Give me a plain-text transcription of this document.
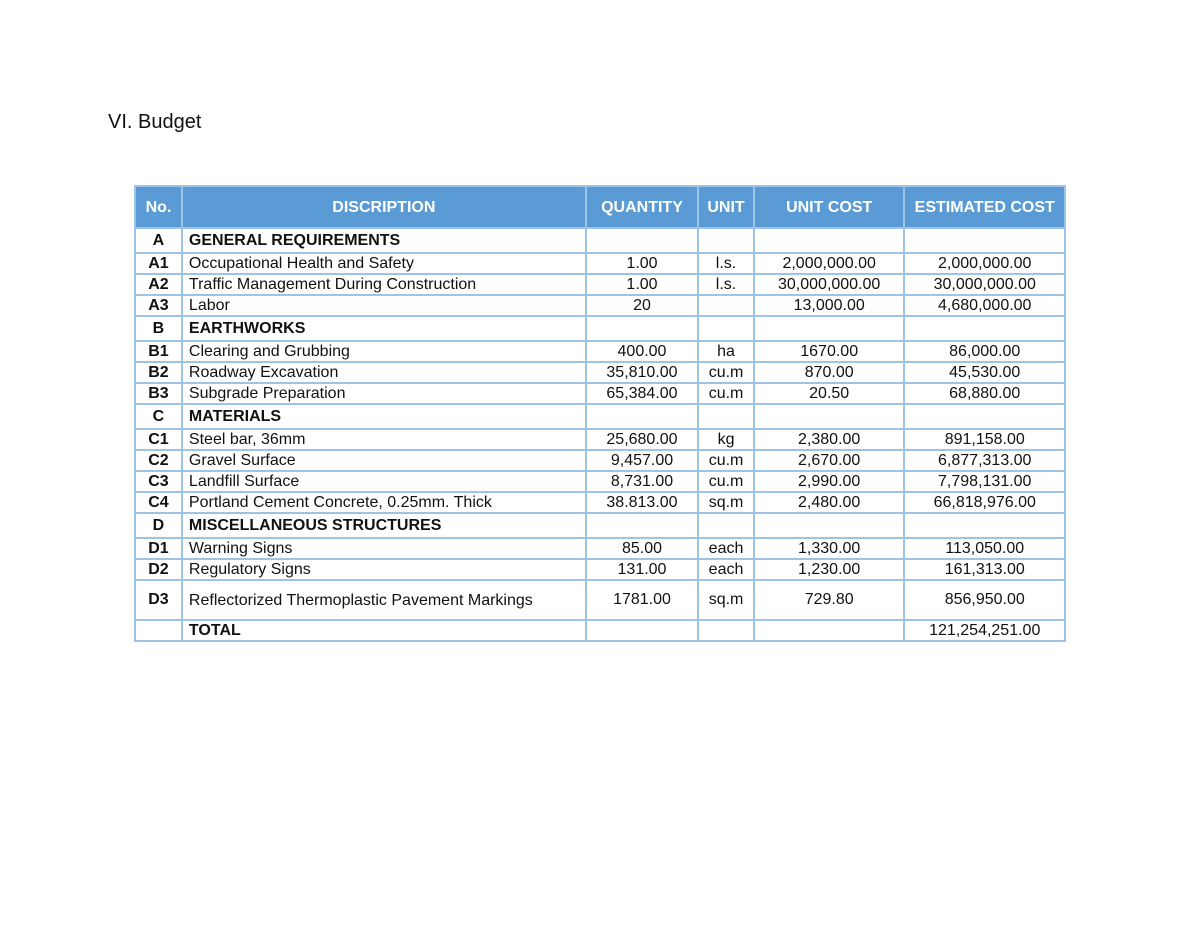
VI. Budget
No.	DISCRIPTION	QUANTITY	UNIT	UNIT COST	ESTIMATED COST
A	GENERAL REQUIREMENTS				
A1	Occupational Health and Safety	1.00	l.s.	2,000,000.00	2,000,000.00
A2	Traffic Management During Construction	1.00	l.s.	30,000,000.00	30,000,000.00
A3	Labor	20		13,000.00	4,680,000.00
B	EARTHWORKS				
B1	Clearing and Grubbing	400.00	ha	1670.00	86,000.00
B2	Roadway Excavation	35,810.00	cu.m	870.00	45,530.00
B3	Subgrade Preparation	65,384.00	cu.m	20.50	68,880.00
C	MATERIALS				
C1	Steel bar, 36mm	25,680.00	kg	2,380.00	891,158.00
C2	Gravel Surface	9,457.00	cu.m	2,670.00	6,877,313.00
C3	Landfill Surface	8,731.00	cu.m	2,990.00	7,798,131.00
C4	Portland Cement Concrete, 0.25mm. Thick	38.813.00	sq.m	2,480.00	66,818,976.00
D	MISCELLANEOUS STRUCTURES				
D1	Warning Signs	85.00	each	1,330.00	113,050.00
D2	Regulatory Signs	131.00	each	1,230.00	161,313.00
D3	Reflectorized Thermoplastic Pavement Markings	1781.00	sq.m	729.80	856,950.00
	TOTAL				121,254,251.00
